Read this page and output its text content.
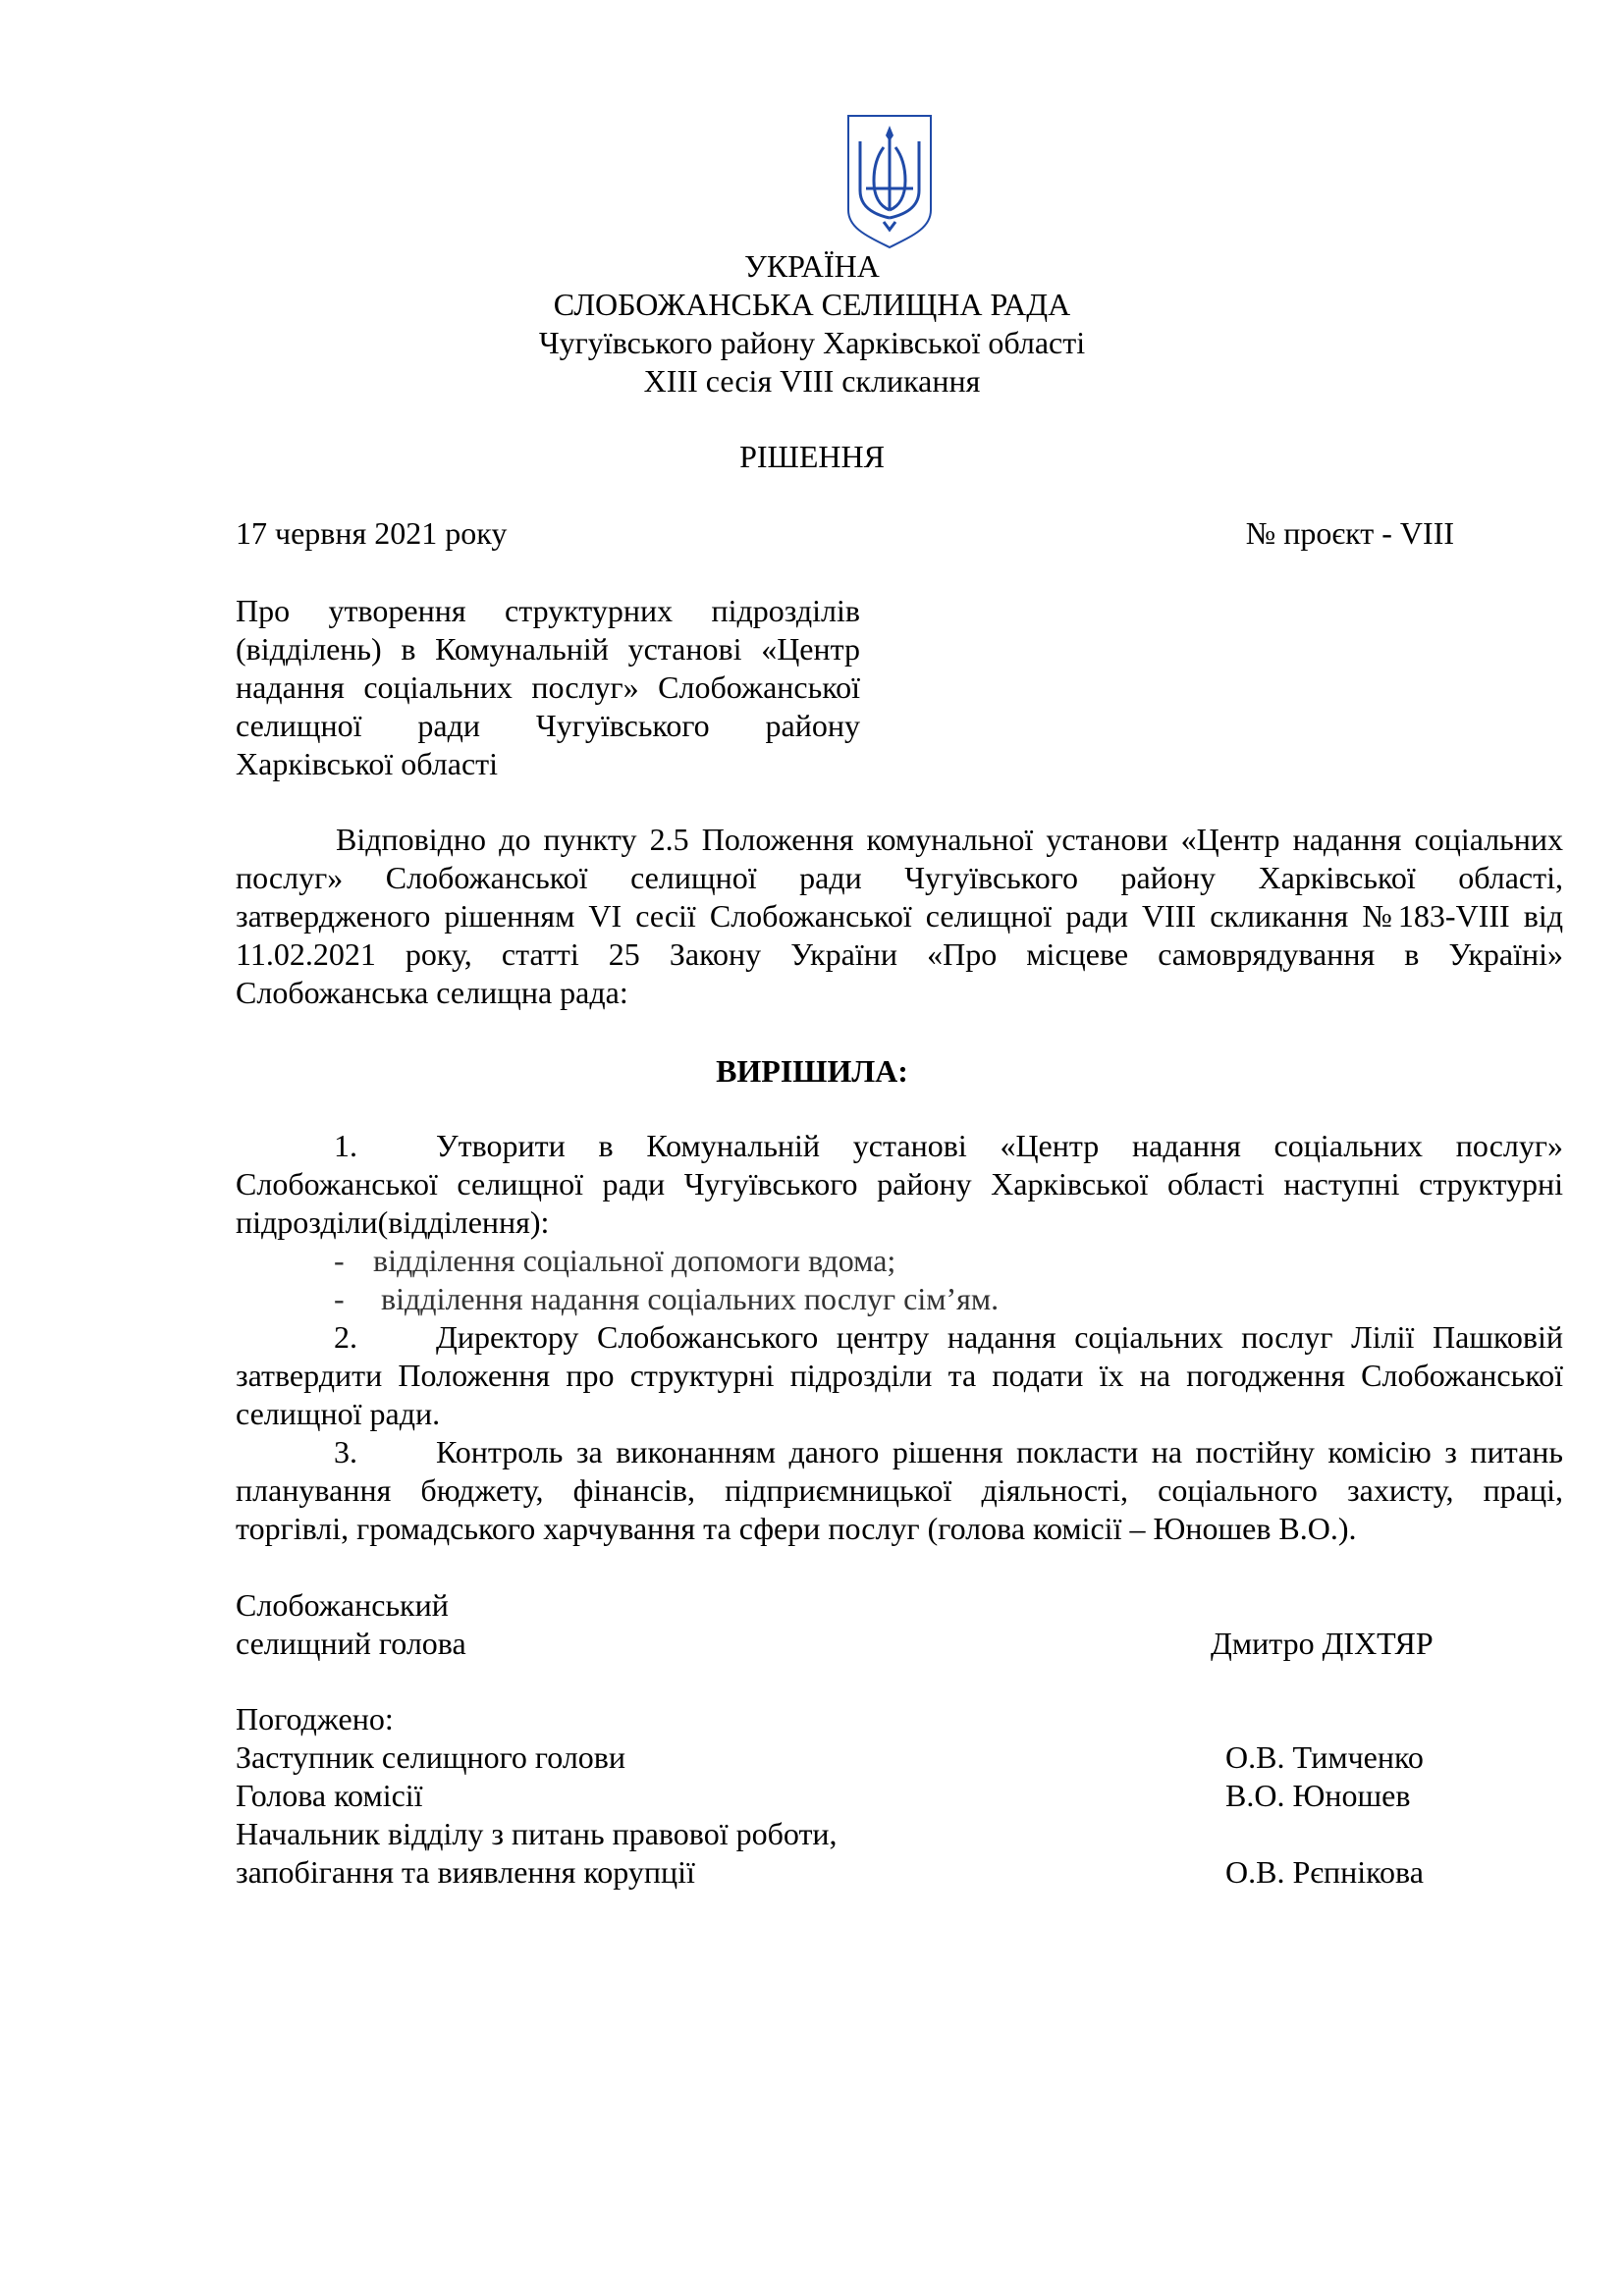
УКРАЇНА
СЛОБОЖАНСЬКА СЕЛИЩНА РАДА
Чугуївського району Харківської області
XIII сесія VIII скликання
РІШЕННЯ
17 червня 2021 року	№ проєкт - VIII
Про утворення структурних підрозділів
(відділень) в Комунальній установі «Центр
надання соціальних послуг» Слобожанської
селищної ради Чугуївського району
Харківської області
Відповідно до пункту 2.5 Положення комунальної установи «Центр надання соціальних
послуг» Слобожанської селищної ради Чугуївського району Харківської області,
затвердженого рішенням VI сесії Слобожанської селищної ради VIII скликання №183-VIII від
11.02.2021 року, статті 25 Закону України «Про місцеве самоврядування в Україні»
Слобожанська селищна рада:
ВИРІШИЛА:
1.	Утворити в Комунальній установі «Центр надання соціальних послуг»
Слобожанської селищної ради Чугуївського району Харківської області наступні структурні
підрозділи(відділення):
- відділення соціальної допомоги вдома;
- відділення надання соціальних послуг сім’ям.
2.	Директору Слобожанського центру надання соціальних послуг Лілії Пашковій
затвердити Положення про структурні підрозділи та подати їх на погодження Слобожанської
селищної ради.
3.	Контроль за виконанням даного рішення покласти на постійну комісію з питань
планування бюджету, фінансів, підприємницької діяльності, соціального захисту, праці,
торгівлі, громадського харчування та сфери послуг (голова комісії – Юношев В.О.).
Слобожанський
селищний голова	Дмитро ДІХТЯР
Погоджено:
Заступник селищного голови	О.В. Тимченко
Голова комісії	В.О. Юношев
Начальник відділу з питань правової роботи,
запобігання та виявлення корупції	О.В. Рєпнікова
